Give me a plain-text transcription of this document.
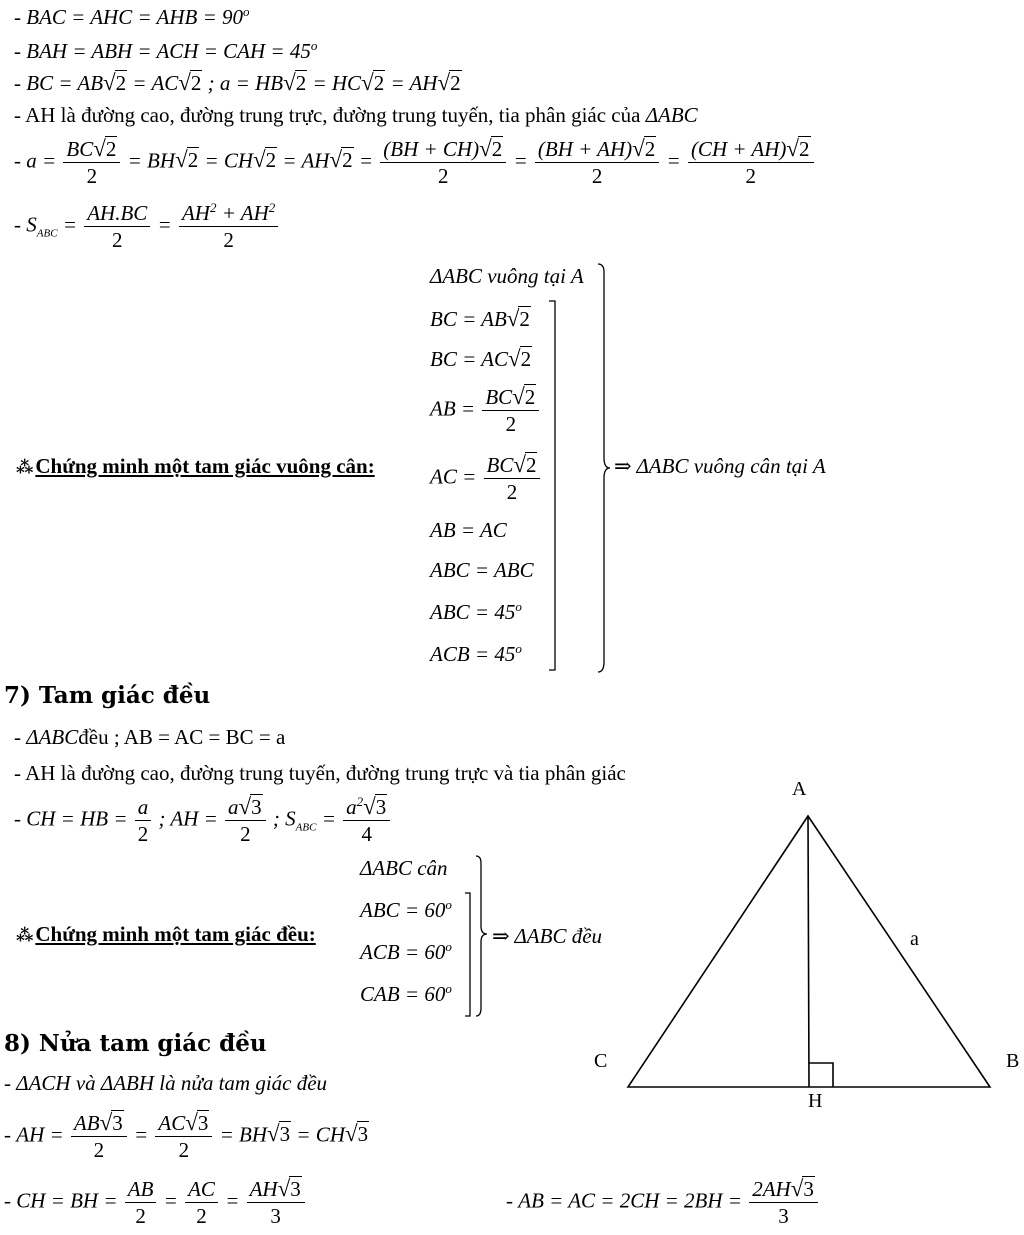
- BAC = AHC = AHB = $90^o$
- BAH = ABH = ACH = CAH = $45^o$
- BC = AB√2 = AC√2 ; a = HB√2 = HC√2 = AH√2
- AH là đường cao, đường trung trực, đường trung tuyến, tia phân giác của ΔABC
- $a = \frac{BC√2}{2} = BH√2 = CH√2 = AH√2 = \frac{(BH + CH)√2}{2} = \frac{(BH + AH)√2}{2} = \frac{(CH + AH)√2}{2}$
- $S_{ABC} = \frac{AH.BC}{2} = \frac{AH^2 + AH^2}{2}$
⁂Chứng minh một tam giác vuông cân:
ΔABC vuông tại A
BC = AB√2
BC = AC√2
AB = $\frac{BC√2}{2}$
AC = $\frac{BC√2}{2}$
AB = AC
ABC = ABC
ABC = $45^o$
ACB = $45^o$
⇒ ΔABC vuông cân tại A
7) Tam giác đều
- ΔABCđều ; AB = AC = BC = a
- AH là đường cao, đường trung tuyến, đường trung trực và tia phân giác
- CH = HB = $\frac{a}{2}$ ; AH = $\frac{a√3}{2}$ ; $S_{ABC} = \frac{a^2√3}{4}$
⁂Chứng minh một tam giác đều:
ΔABC cân
ABC = $60^o$
ACB = $60^o$
CAB = $60^o$
⇒ ΔABC đều
A
B
C
H
a
8) Nửa tam giác đều
- ΔACH và ΔABH là nửa tam giác đều
- AH = $\frac{AB√3}{2} = \frac{AC√3}{2} = BH√3 = CH√3$
- CH = BH = $\frac{AB}{2} = \frac{AC}{2} = \frac{AH√3}{3}$	- AB = AC = $2CH = 2BH = \frac{2AH√3}{3}$
